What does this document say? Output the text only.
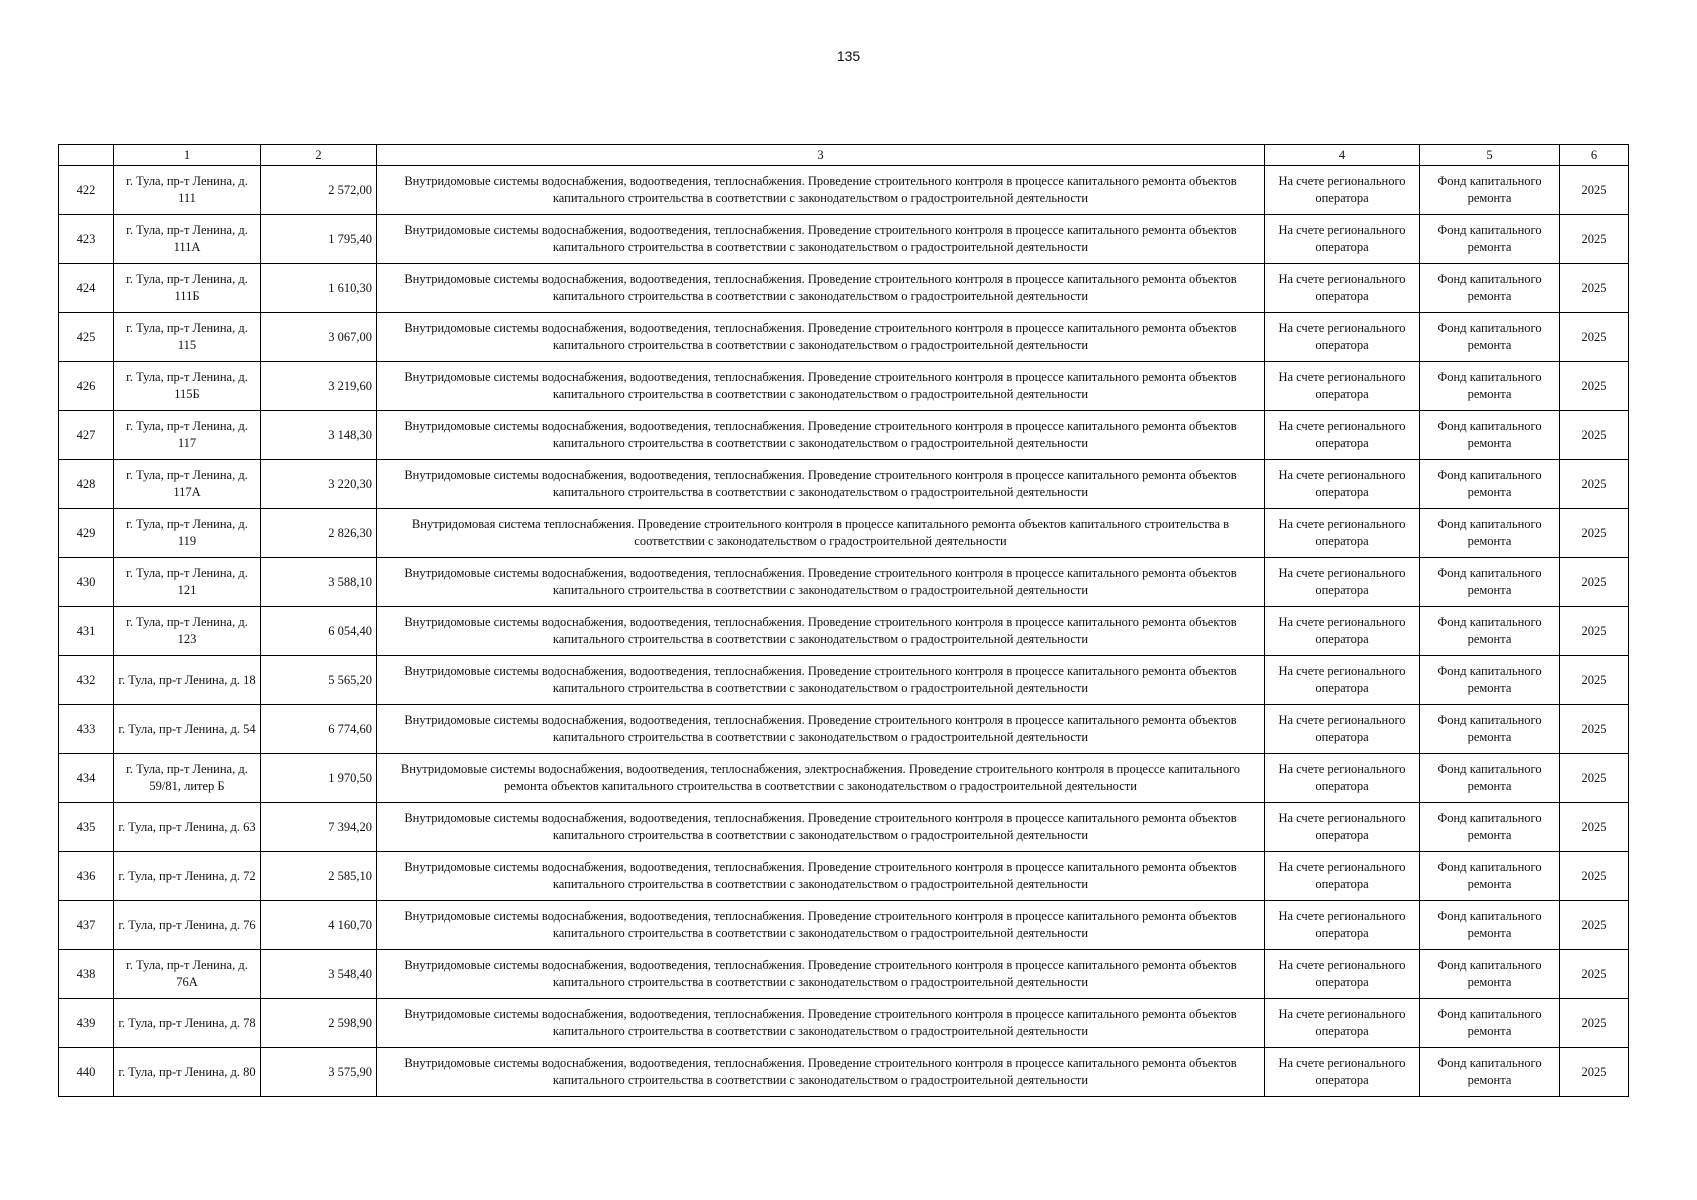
135
	1	2	3	4	5	6
422	г. Тула, пр-т Ленина, д. 111	2 572,00	Внутридомовые системы водоснабжения, водоотведения, теплоснабжения. Проведение строительного контроля в процессе капитального ремонта объектов капитального строительства в соответствии с законодательством о градостроительной деятельности	На счете регионального оператора	Фонд капитального ремонта	2025
423	г. Тула, пр-т Ленина, д. 111А	1 795,40	Внутридомовые системы водоснабжения, водоотведения, теплоснабжения. Проведение строительного контроля в процессе капитального ремонта объектов капитального строительства в соответствии с законодательством о градостроительной деятельности	На счете регионального оператора	Фонд капитального ремонта	2025
424	г. Тула, пр-т Ленина, д. 111Б	1 610,30	Внутридомовые системы водоснабжения, водоотведения, теплоснабжения. Проведение строительного контроля в процессе капитального ремонта объектов капитального строительства в соответствии с законодательством о градостроительной деятельности	На счете регионального оператора	Фонд капитального ремонта	2025
425	г. Тула, пр-т Ленина, д. 115	3 067,00	Внутридомовые системы водоснабжения, водоотведения, теплоснабжения. Проведение строительного контроля в процессе капитального ремонта объектов капитального строительства в соответствии с законодательством о градостроительной деятельности	На счете регионального оператора	Фонд капитального ремонта	2025
426	г. Тула, пр-т Ленина, д. 115Б	3 219,60	Внутридомовые системы водоснабжения, водоотведения, теплоснабжения. Проведение строительного контроля в процессе капитального ремонта объектов капитального строительства в соответствии с законодательством о градостроительной деятельности	На счете регионального оператора	Фонд капитального ремонта	2025
427	г. Тула, пр-т Ленина, д. 117	3 148,30	Внутридомовые системы водоснабжения, водоотведения, теплоснабжения. Проведение строительного контроля в процессе капитального ремонта объектов капитального строительства в соответствии с законодательством о градостроительной деятельности	На счете регионального оператора	Фонд капитального ремонта	2025
428	г. Тула, пр-т Ленина, д. 117А	3 220,30	Внутридомовые системы водоснабжения, водоотведения, теплоснабжения. Проведение строительного контроля в процессе капитального ремонта объектов капитального строительства в соответствии с законодательством о градостроительной деятельности	На счете регионального оператора	Фонд капитального ремонта	2025
429	г. Тула, пр-т Ленина, д. 119	2 826,30	Внутридомовая система теплоснабжения. Проведение строительного контроля в процессе капитального ремонта объектов капитального строительства в соответствии с законодательством о градостроительной деятельности	На счете регионального оператора	Фонд капитального ремонта	2025
430	г. Тула, пр-т Ленина, д. 121	3 588,10	Внутридомовые системы водоснабжения, водоотведения, теплоснабжения. Проведение строительного контроля в процессе капитального ремонта объектов капитального строительства в соответствии с законодательством о градостроительной деятельности	На счете регионального оператора	Фонд капитального ремонта	2025
431	г. Тула, пр-т Ленина, д. 123	6 054,40	Внутридомовые системы водоснабжения, водоотведения, теплоснабжения. Проведение строительного контроля в процессе капитального ремонта объектов капитального строительства в соответствии с законодательством о градостроительной деятельности	На счете регионального оператора	Фонд капитального ремонта	2025
432	г. Тула, пр-т Ленина, д. 18	5 565,20	Внутридомовые системы водоснабжения, водоотведения, теплоснабжения. Проведение строительного контроля в процессе капитального ремонта объектов капитального строительства в соответствии с законодательством о градостроительной деятельности	На счете регионального оператора	Фонд капитального ремонта	2025
433	г. Тула, пр-т Ленина, д. 54	6 774,60	Внутридомовые системы водоснабжения, водоотведения, теплоснабжения. Проведение строительного контроля в процессе капитального ремонта объектов капитального строительства в соответствии с законодательством о градостроительной деятельности	На счете регионального оператора	Фонд капитального ремонта	2025
434	г. Тула, пр-т Ленина, д. 59/81, литер Б	1 970,50	Внутридомовые системы водоснабжения, водоотведения, теплоснабжения, электроснабжения. Проведение строительного контроля в процессе капитального ремонта объектов капитального строительства в соответствии с законодательством о градостроительной деятельности	На счете регионального оператора	Фонд капитального ремонта	2025
435	г. Тула, пр-т Ленина, д. 63	7 394,20	Внутридомовые системы водоснабжения, водоотведения, теплоснабжения. Проведение строительного контроля в процессе капитального ремонта объектов капитального строительства в соответствии с законодательством о градостроительной деятельности	На счете регионального оператора	Фонд капитального ремонта	2025
436	г. Тула, пр-т Ленина, д. 72	2 585,10	Внутридомовые системы водоснабжения, водоотведения, теплоснабжения. Проведение строительного контроля в процессе капитального ремонта объектов капитального строительства в соответствии с законодательством о градостроительной деятельности	На счете регионального оператора	Фонд капитального ремонта	2025
437	г. Тула, пр-т Ленина, д. 76	4 160,70	Внутридомовые системы водоснабжения, водоотведения, теплоснабжения. Проведение строительного контроля в процессе капитального ремонта объектов капитального строительства в соответствии с законодательством о градостроительной деятельности	На счете регионального оператора	Фонд капитального ремонта	2025
438	г. Тула, пр-т Ленина, д. 76А	3 548,40	Внутридомовые системы водоснабжения, водоотведения, теплоснабжения. Проведение строительного контроля в процессе капитального ремонта объектов капитального строительства в соответствии с законодательством о градостроительной деятельности	На счете регионального оператора	Фонд капитального ремонта	2025
439	г. Тула, пр-т Ленина, д. 78	2 598,90	Внутридомовые системы водоснабжения, водоотведения, теплоснабжения. Проведение строительного контроля в процессе капитального ремонта объектов капитального строительства в соответствии с законодательством о градостроительной деятельности	На счете регионального оператора	Фонд капитального ремонта	2025
440	г. Тула, пр-т Ленина, д. 80	3 575,90	Внутридомовые системы водоснабжения, водоотведения, теплоснабжения. Проведение строительного контроля в процессе капитального ремонта объектов капитального строительства в соответствии с законодательством о градостроительной деятельности	На счете регионального оператора	Фонд капитального ремонта	2025
